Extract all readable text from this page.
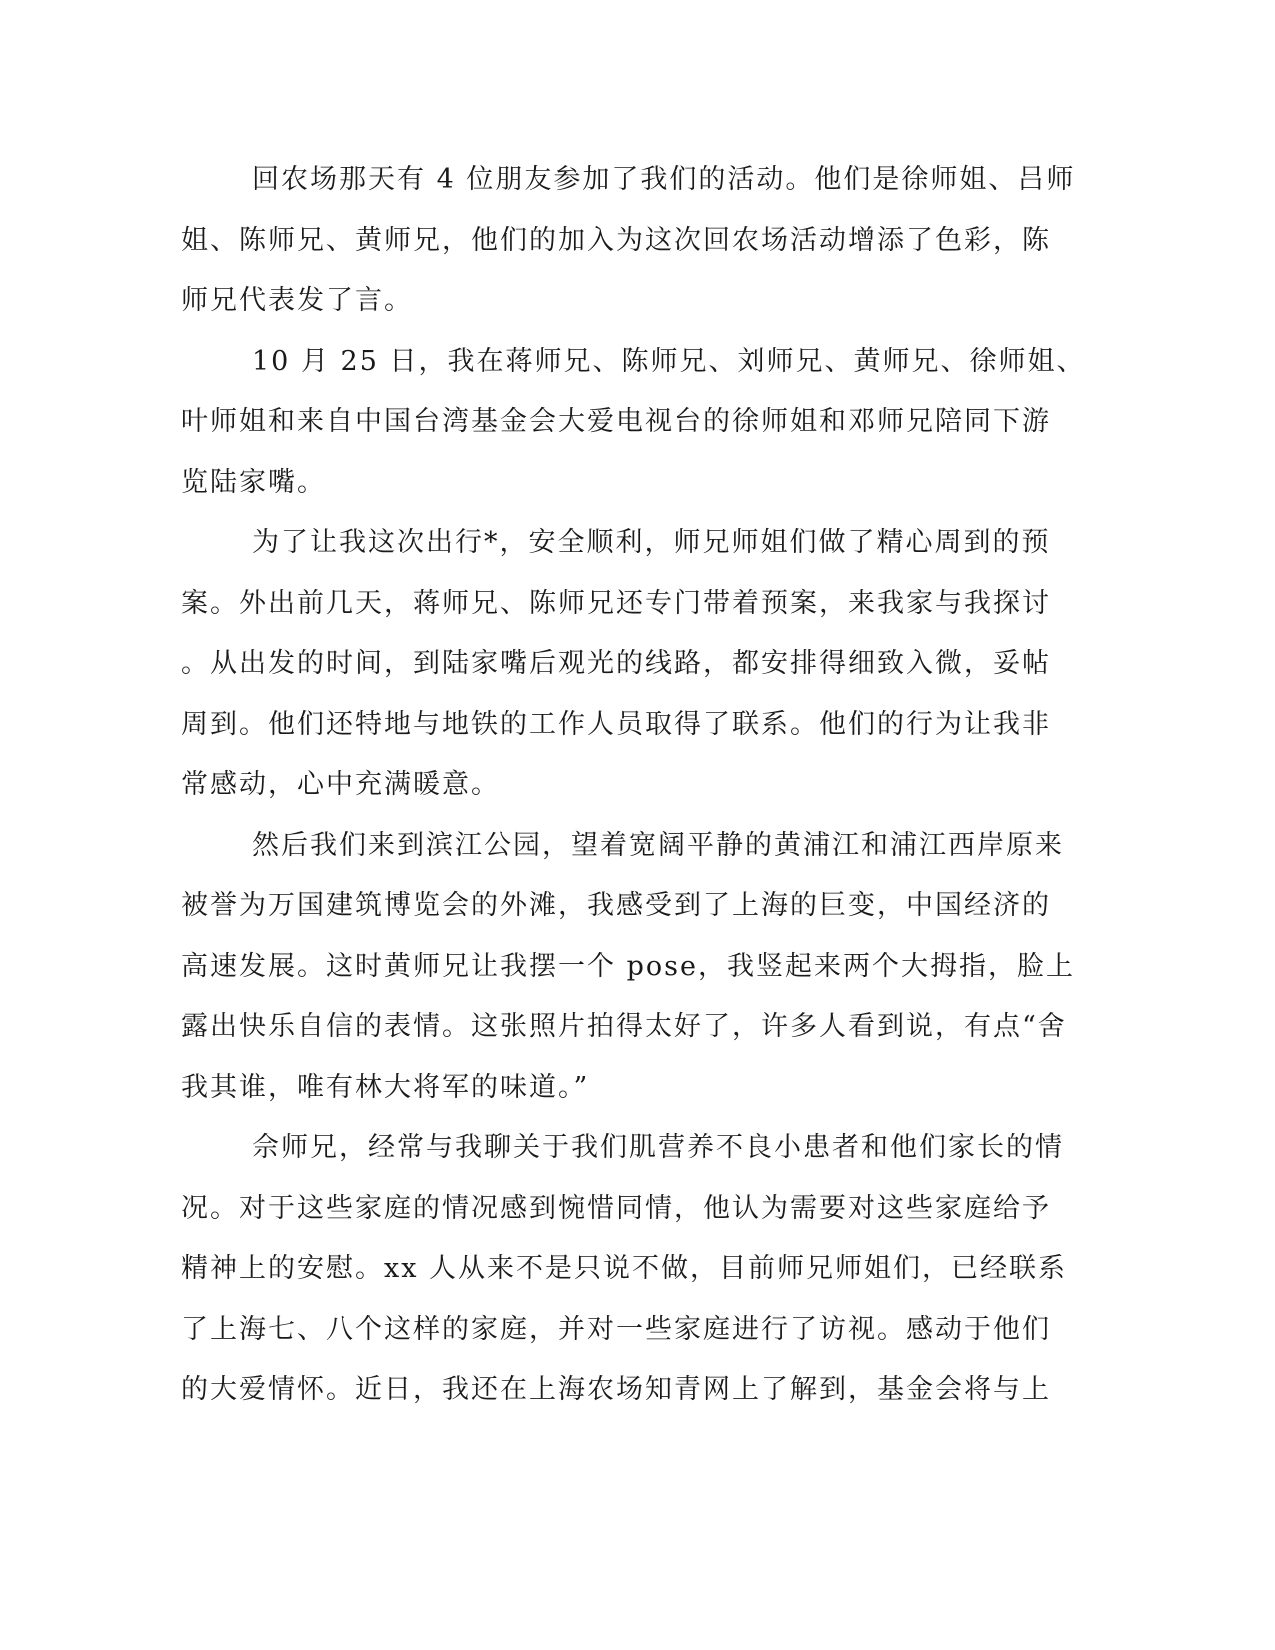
回农场那天有 4 位朋友参加了我们的活动。他们是徐师姐、吕师
姐、陈师兄、黄师兄，他们的加入为这次回农场活动增添了色彩，陈
师兄代表发了言。
10 月 25 日，我在蒋师兄、陈师兄、刘师兄、黄师兄、徐师姐、
叶师姐和来自中国台湾基金会大爱电视台的徐师姐和邓师兄陪同下游
览陆家嘴。
为了让我这次出行*，安全顺利，师兄师姐们做了精心周到的预
案。外出前几天，蒋师兄、陈师兄还专门带着预案，来我家与我探讨
。从出发的时间，到陆家嘴后观光的线路，都安排得细致入微，妥帖
周到。他们还特地与地铁的工作人员取得了联系。他们的行为让我非
常感动，心中充满暖意。
然后我们来到滨江公园，望着宽阔平静的黄浦江和浦江西岸原来
被誉为万国建筑博览会的外滩，我感受到了上海的巨变，中国经济的
高速发展。这时黄师兄让我摆一个 pose，我竖起来两个大拇指，脸上
露出快乐自信的表情。这张照片拍得太好了，许多人看到说，有点“舍
我其谁，唯有林大将军的味道。”
佘师兄，经常与我聊关于我们肌营养不良小患者和他们家长的情
况。对于这些家庭的情况感到惋惜同情，他认为需要对这些家庭给予
精神上的安慰。xx 人从来不是只说不做，目前师兄师姐们，已经联系
了上海七、八个这样的家庭，并对一些家庭进行了访视。感动于他们
的大爱情怀。近日，我还在上海农场知青网上了解到，基金会将与上
